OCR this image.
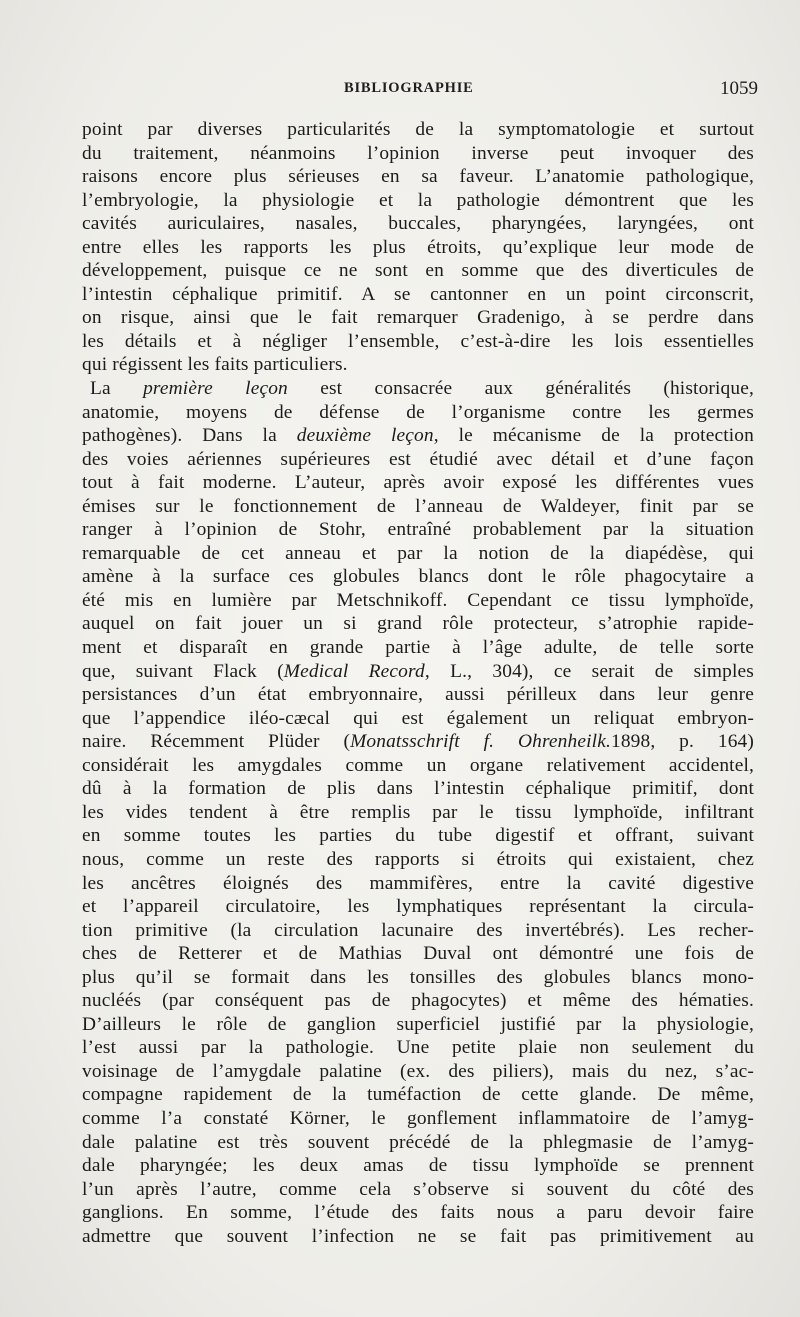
BIBLIOGRAPHIE	1059
point par diverses particularités de la symptomatologie et surtout
du traitement, néanmoins l’opinion inverse peut invoquer des
raisons encore plus sérieuses en sa faveur. L’anatomie pathologique,
l’embryologie, la physiologie et la pathologie démontrent que les
cavités auriculaires, nasales, buccales, pharyngées, laryngées, ont
entre elles les rapports les plus étroits, qu’explique leur mode de
développement, puisque ce ne sont en somme que des diverticules de
l’intestin céphalique primitif. A se cantonner en un point circonscrit,
on risque, ainsi que le fait remarquer Gradenigo, à se perdre dans
les détails et à négliger l’ensemble, c’est-à-dire les lois essentielles
qui régissent les faits particuliers.
La première leçon est consacrée aux généralités (historique,
anatomie, moyens de défense de l’organisme contre les germes
pathogènes). Dans la deuxième leçon, le mécanisme de la protection
des voies aériennes supérieures est étudié avec détail et d’une façon
tout à fait moderne. L’auteur, après avoir exposé les différentes vues
émises sur le fonctionnement de l’anneau de Waldeyer, finit par se
ranger à l’opinion de Stohr, entraîné probablement par la situation
remarquable de cet anneau et par la notion de la diapédèse, qui
amène à la surface ces globules blancs dont le rôle phagocytaire a
été mis en lumière par Metschnikoff. Cependant ce tissu lymphoïde,
auquel on fait jouer un si grand rôle protecteur, s’atrophie rapide-
ment et disparaît en grande partie à l’âge adulte, de telle sorte
que, suivant Flack (Medical Record, L., 304), ce serait de simples
persistances d’un état embryonnaire, aussi périlleux dans leur genre
que l’appendice iléo-cæcal qui est également un reliquat embryon-
naire. Récemment Plüder (Monatsschrift f. Ohrenheilk.1898, p. 164)
considérait les amygdales comme un organe relativement accidentel,
dû à la formation de plis dans l’intestin céphalique primitif, dont
les vides tendent à être remplis par le tissu lymphoïde, infiltrant
en somme toutes les parties du tube digestif et offrant, suivant
nous, comme un reste des rapports si étroits qui existaient, chez
les ancêtres éloignés des mammifères, entre la cavité digestive
et l’appareil circulatoire, les lymphatiques représentant la circula-
tion primitive (la circulation lacunaire des invertébrés). Les recher-
ches de Retterer et de Mathias Duval ont démontré une fois de
plus qu’il se formait dans les tonsilles des globules blancs mono-
nucléés (par conséquent pas de phagocytes) et même des hématies.
D’ailleurs le rôle de ganglion superficiel justifié par la physiologie,
l’est aussi par la pathologie. Une petite plaie non seulement du
voisinage de l’amygdale palatine (ex. des piliers), mais du nez, s’ac-
compagne rapidement de la tuméfaction de cette glande. De même,
comme l’a constaté Körner, le gonflement inflammatoire de l’amyg-
dale palatine est très souvent précédé de la phlegmasie de l’amyg-
dale pharyngée; les deux amas de tissu lymphoïde se prennent
l’un après l’autre, comme cela s’observe si souvent du côté des
ganglions. En somme, l’étude des faits nous a paru devoir faire
admettre que souvent l’infection ne se fait pas primitivement au
